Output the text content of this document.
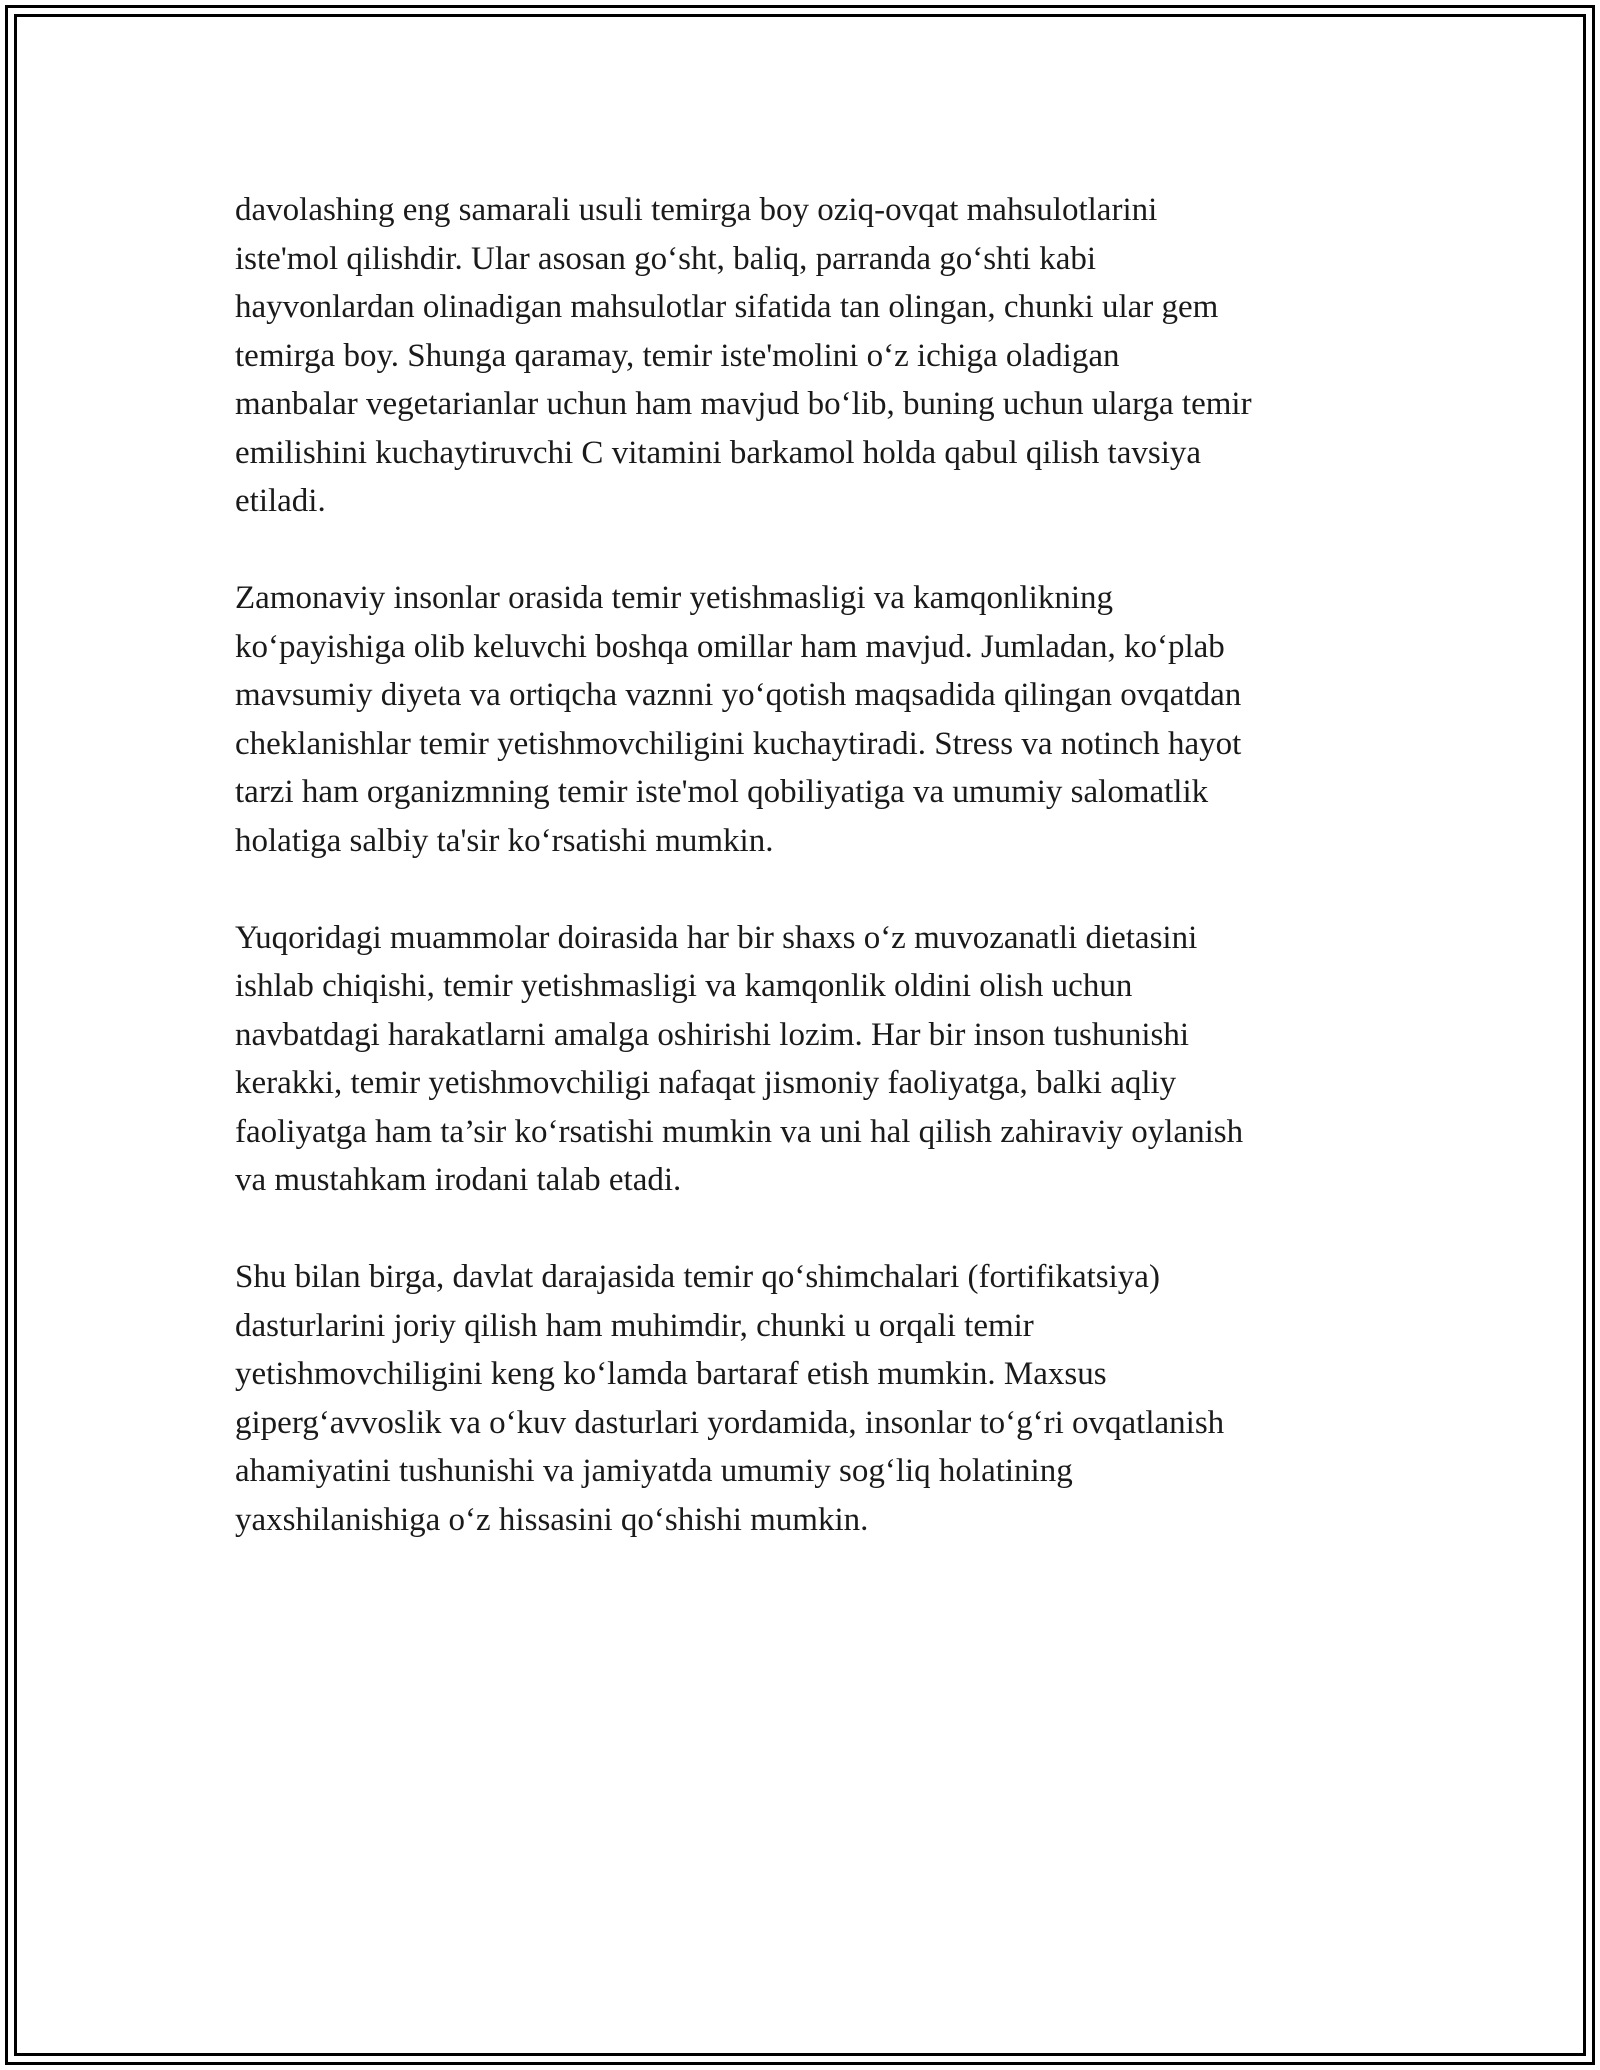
davolashing eng samarali usuli temirga boy oziq-ovqat mahsulotlarini
iste'mol qilishdir. Ular asosan go‘sht, baliq, parranda go‘shti kabi
hayvonlardan olinadigan mahsulotlar sifatida tan olingan, chunki ular gem
temirga boy. Shunga qaramay, temir iste'molini o‘z ichiga oladigan
manbalar vegetarianlar uchun ham mavjud bo‘lib, buning uchun ularga temir
emilishini kuchaytiruvchi C vitamini barkamol holda qabul qilish tavsiya
etiladi.

Zamonaviy insonlar orasida temir yetishmasligi va kamqonlikning
ko‘payishiga olib keluvchi boshqa omillar ham mavjud. Jumladan, ko‘plab
mavsumiy diyeta va ortiqcha vaznni yo‘qotish maqsadida qilingan ovqatdan
cheklanishlar temir yetishmovchiligini kuchaytiradi. Stress va notinch hayot
tarzi ham organizmning temir iste'mol qobiliyatiga va umumiy salomatlik
holatiga salbiy ta'sir ko‘rsatishi mumkin.

Yuqoridagi muammolar doirasida har bir shaxs o‘z muvozanatli dietasini
ishlab chiqishi, temir yetishmasligi va kamqonlik oldini olish uchun
navbatdagi harakatlarni amalga oshirishi lozim. Har bir inson tushunishi
kerakki, temir yetishmovchiligi nafaqat jismoniy faoliyatga, balki aqliy
faoliyatga ham ta’sir ko‘rsatishi mumkin va uni hal qilish zahiraviy oylanish
va mustahkam irodani talab etadi.

Shu bilan birga, davlat darajasida temir qo‘shimchalari (fortifikatsiya)
dasturlarini joriy qilish ham muhimdir, chunki u orqali temir
yetishmovchiligini keng ko‘lamda bartaraf etish mumkin. Maxsus
giperg‘avvoslik va o‘kuv dasturlari yordamida, insonlar to‘g‘ri ovqatlanish
ahamiyatini tushunishi va jamiyatda umumiy sog‘liq holatining
yaxshilanishiga o‘z hissasini qo‘shishi mumkin.
